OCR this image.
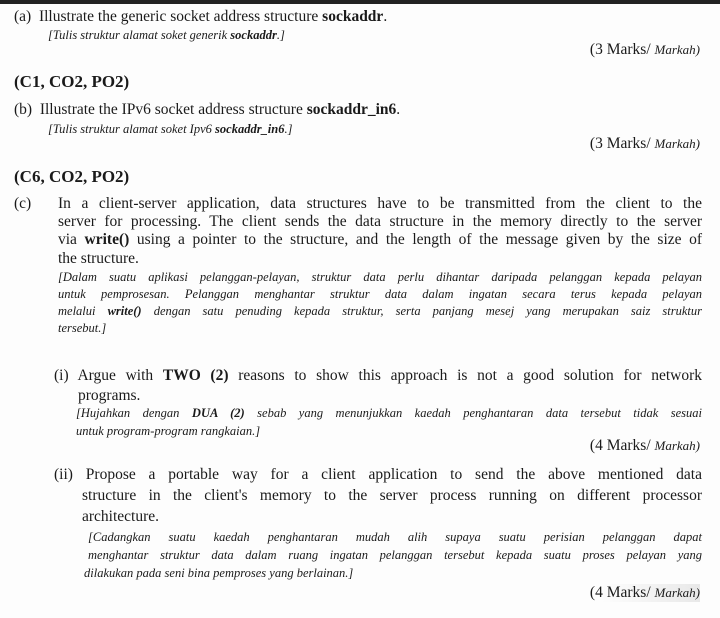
(a) Illustrate the generic socket address structure sockaddr.
[Tulis struktur alamat soket generik sockaddr.]
(3 Marks/ Markah)
(C1, CO2, PO2)
(b) Illustrate the IPv6 socket address structure sockaddr_in6.
[Tulis struktur alamat soket Ipv6 sockaddr_in6.]
(3 Marks/ Markah)
(C6, CO2, PO2)
(c) In a client-server application, data structures have to be transmitted from the client to the
server for processing. The client sends the data structure in the memory directly to the server
via write() using a pointer to the structure, and the length of the message given by the size of
the structure.
[Dalam suatu aplikasi pelanggan-pelayan, struktur data perlu dihantar daripada pelanggan kepada pelayan
untuk pemprosesan. Pelanggan menghantar struktur data dalam ingatan secara terus kepada pelayan
melalui write() dengan satu penuding kepada struktur, serta panjang mesej yang merupakan saiz struktur
tersebut.]
(i) Argue with TWO (2) reasons to show this approach is not a good solution for network
programs.
[Hujahkan dengan DUA (2) sebab yang menunjukkan kaedah penghantaran data tersebut tidak sesuai
untuk program-program rangkaian.]
(4 Marks/ Markah)
(ii) Propose a portable way for a client application to send the above mentioned data
structure in the client's memory to the server process running on different processor
architecture.
[Cadangkan suatu kaedah penghantaran mudah alih supaya suatu perisian pelanggan dapat
menghantar struktur data dalam ruang ingatan pelanggan tersebut kepada suatu proses pelayan yang
dilakukan pada seni bina pemproses yang berlainan.]
(4 Marks/ Markah)
